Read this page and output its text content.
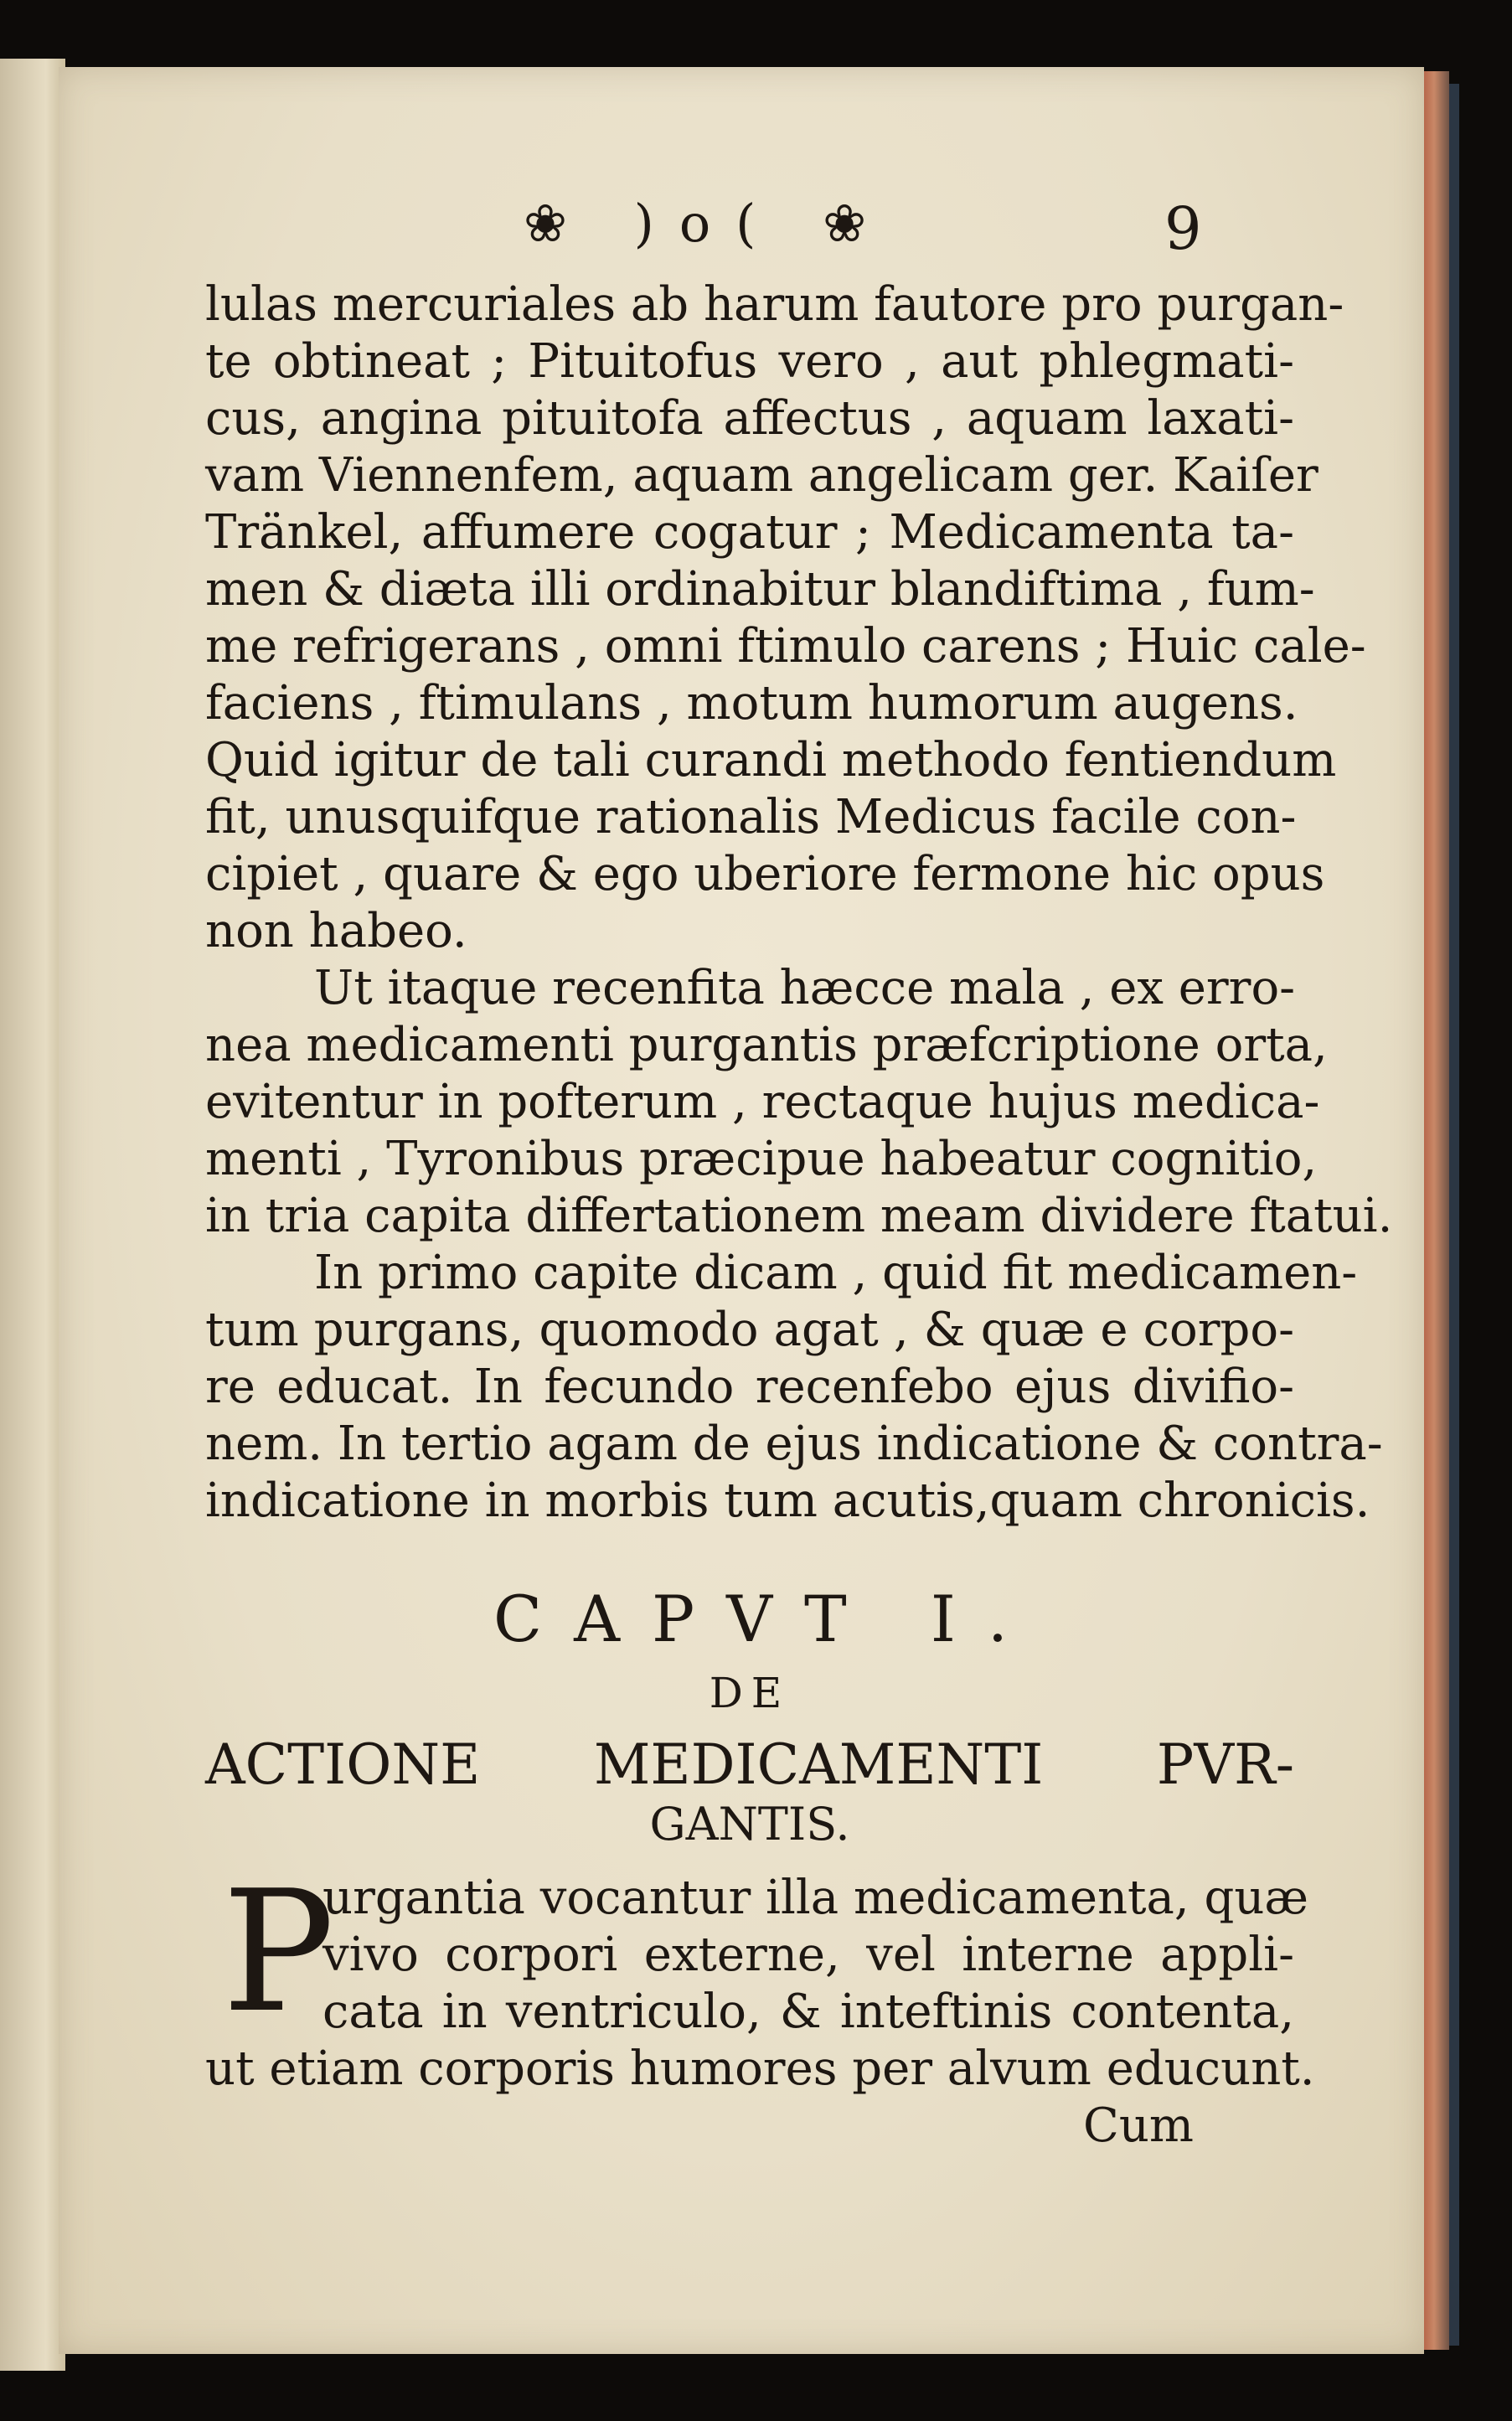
❀ )o( ❀	9
lulas mercuriales ab harum fautore pro purgan-
te obtineat ; Pituitofus vero , aut phlegmati-
cus, angina pituitofa affectus , aquam laxati-
vam Viennenfem, aquam angelicam ger. Kaiſer
Tränkel, affumere cogatur ; Medicamenta ta-
men & diæta illi ordinabitur blandiftima , fum-
me refrigerans , omni ftimulo carens ; Huic cale-
faciens , ftimulans , motum humorum augens.
Quid igitur de tali curandi methodo fentiendum
fit, unusquifque rationalis Medicus facile con-
cipiet , quare & ego uberiore fermone hic opus
non habeo.
Ut itaque recenfita hæcce mala , ex erro-
nea medicamenti purgantis præfcriptione orta,
evitentur in pofterum , rectaque hujus medica-
menti , Tyronibus præcipue habeatur cognitio,
in tria capita differtationem meam dividere ftatui.
In primo capite dicam , quid fit medicamen-
tum purgans, quomodo agat , & quæ e corpo-
re educat. In fecundo recenfebo ejus divifio-
nem. In tertio agam de ejus indicatione & contra-
indicatione in morbis tum acutis,quam chronicis.
CAPVT I.
DE
ACTIONE MEDICAMENTI PVR-
GANTIS.
P
urgantia vocantur illa medicamenta, quæ
vivo corpori externe, vel interne appli-
cata in ventriculo, & inteftinis contenta,
ut etiam corporis humores per alvum educunt.
Cum
